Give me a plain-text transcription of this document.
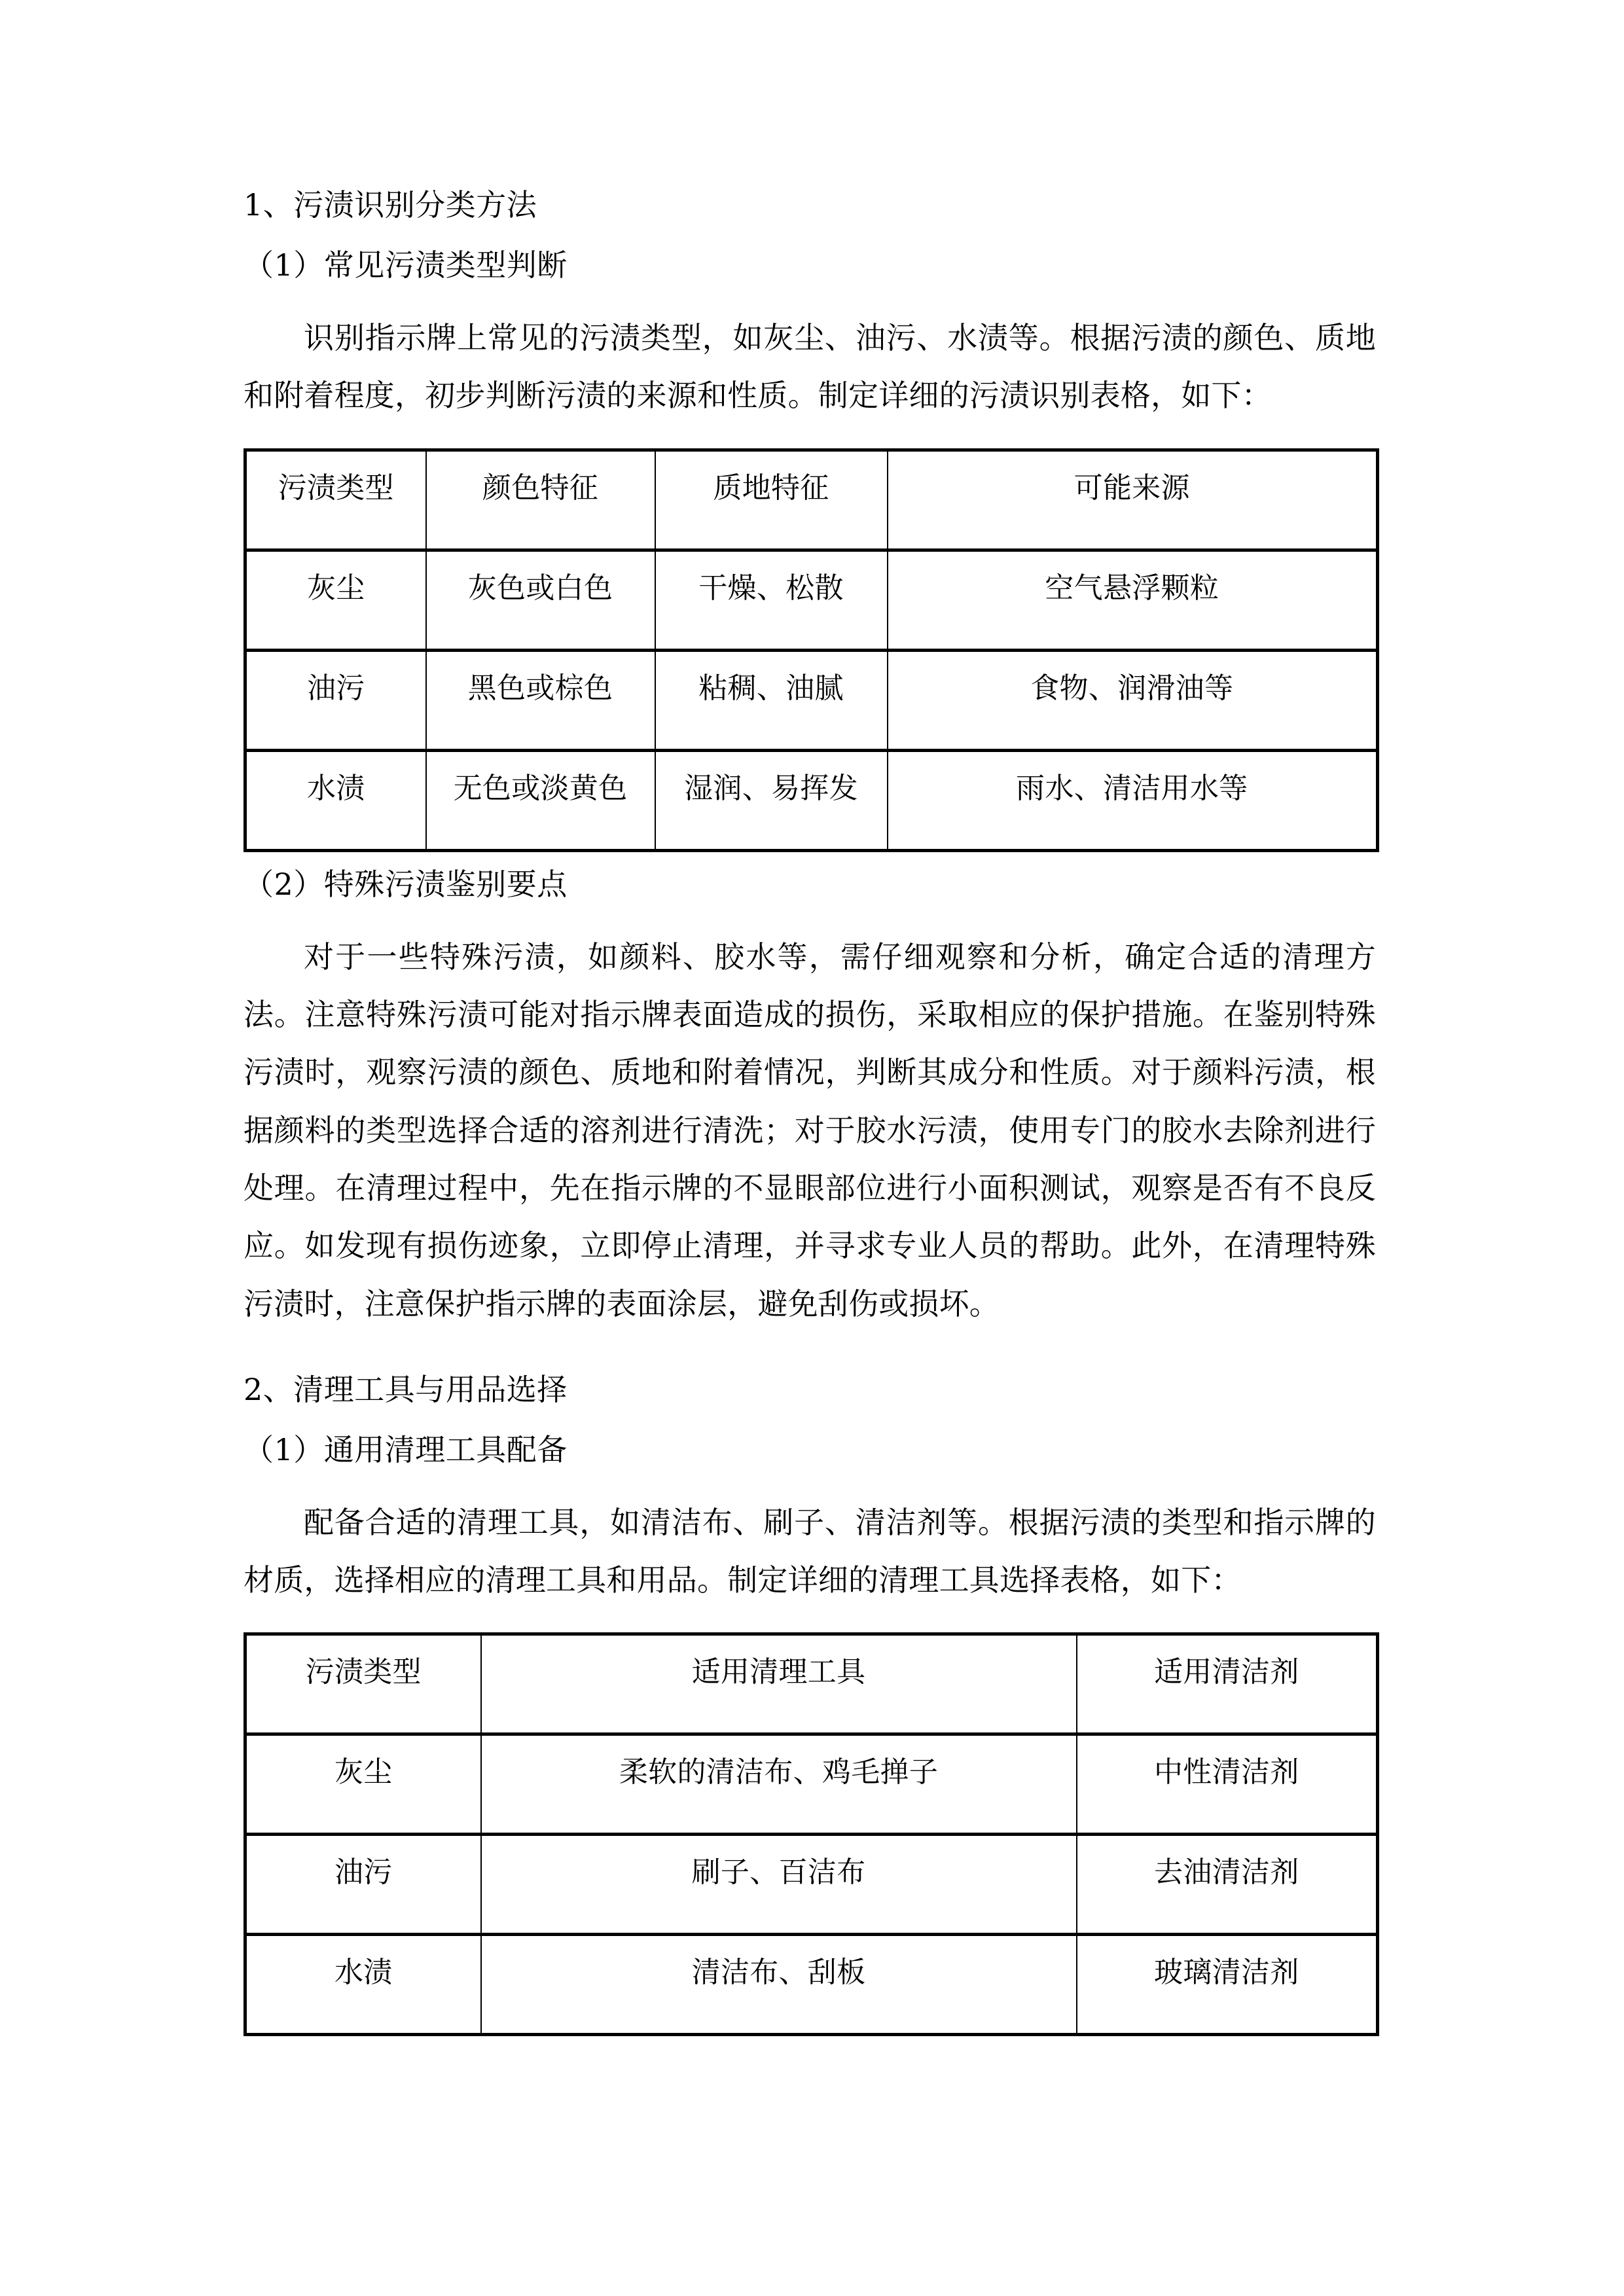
1、污渍识别分类方法

（1）常见污渍类型判断

识别指示牌上常见的污渍类型，如灰尘、油污、水渍等。根据污渍的颜色、质地和附着程度，初步判断污渍的来源和性质。制定详细的污渍识别表格，如下：

污渍类型	颜色特征	质地特征	可能来源
灰尘	灰色或白色	干燥、松散	空气悬浮颗粒
油污	黑色或棕色	粘稠、油腻	食物、润滑油等
水渍	无色或淡黄色	湿润、易挥发	雨水、清洁用水等

（2）特殊污渍鉴别要点

对于一些特殊污渍，如颜料、胶水等，需仔细观察和分析，确定合适的清理方法。注意特殊污渍可能对指示牌表面造成的损伤，采取相应的保护措施。在鉴别特殊污渍时，观察污渍的颜色、质地和附着情况，判断其成分和性质。对于颜料污渍，根据颜料的类型选择合适的溶剂进行清洗；对于胶水污渍，使用专门的胶水去除剂进行处理。在清理过程中，先在指示牌的不显眼部位进行小面积测试，观察是否有不良反应。如发现有损伤迹象，立即停止清理，并寻求专业人员的帮助。此外，在清理特殊污渍时，注意保护指示牌的表面涂层，避免刮伤或损坏。

2、清理工具与用品选择

（1）通用清理工具配备

配备合适的清理工具，如清洁布、刷子、清洁剂等。根据污渍的类型和指示牌的材质，选择相应的清理工具和用品。制定详细的清理工具选择表格，如下：

污渍类型	适用清理工具	适用清洁剂
灰尘	柔软的清洁布、鸡毛掸子	中性清洁剂
油污	刷子、百洁布	去油清洁剂
水渍	清洁布、刮板	玻璃清洁剂
